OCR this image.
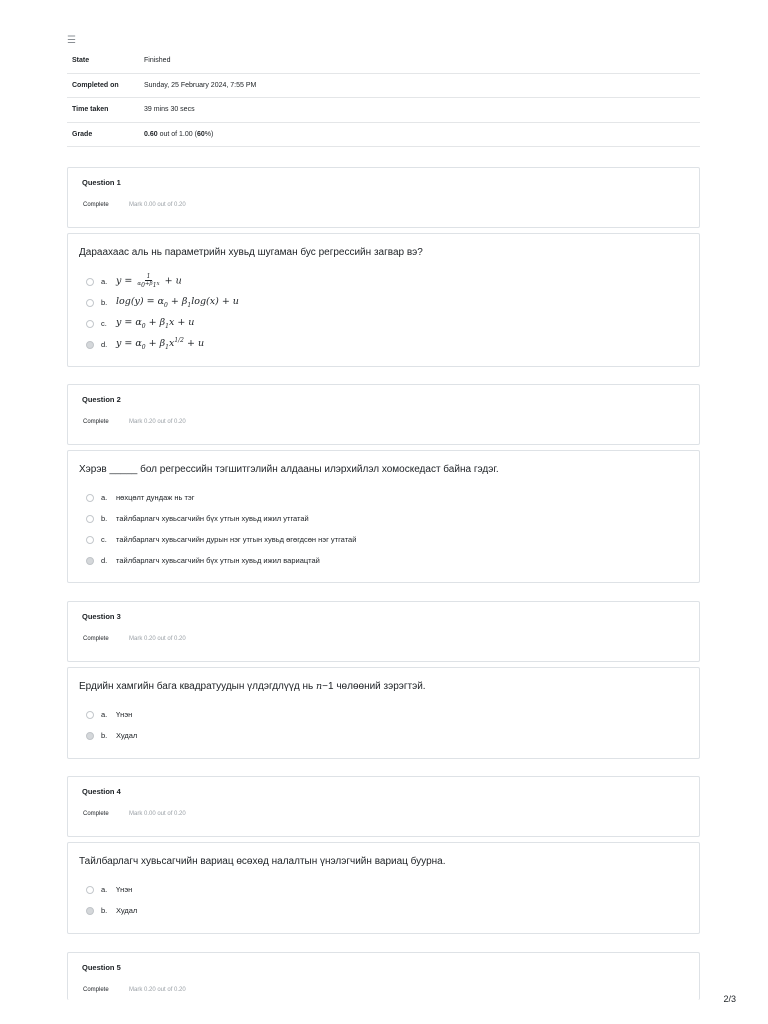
☰
State	Finished
Completed on	Sunday, 25 February 2024, 7:55 PM
Time taken	39 mins 30 secs
Grade	0.60 out of 1.00 (60%)
Question 1
Complete	Mark 0.00 out of 0.20
Дараахаас аль нь параметрийн хувьд шугаман бус регрессийн загвар вэ?
a. $y = \frac{1}{\alpha_0+\beta_1x} + u$
b. $\log(y) = \alpha_0 + \beta_1\log(x) + u$
c. $y = \alpha_0 + \beta_1x + u$
d. $y = \alpha_0 + \beta_1x^{1/2} + u$
Question 2
Complete	Mark 0.20 out of 0.20
Хэрэв _____ бол регрессийн тэгшитгэлийн алдааны илэрхийлэл хомоскедаст байна гэдэг.
a.	нөхцөлт дундаж нь тэг
b.	тайлбарлагч хувьсагчийн бүх утгын хувьд ижил утгатай
c.	тайлбарлагч хувьсагчийн дурын нэг утгын хувьд өгөгдсөн нэг утгатай
d.	тайлбарлагч хувьсагчийн бүх утгын хувьд ижил вариацтай
Question 3
Complete	Mark 0.20 out of 0.20
Ердийн хамгийн бага квадратуудын үлдэгдлүүд нь n−1 чөлөөний зэрэгтэй.
a.	Үнэн
b.	Худал
Question 4
Complete	Mark 0.00 out of 0.20
Тайлбарлагч хувьсагчийн вариац өсөхөд налалтын үнэлэгчийн вариац буурна.
a.	Үнэн
b.	Худал
Question 5
Complete	Mark 0.20 out of 0.20
2/3
